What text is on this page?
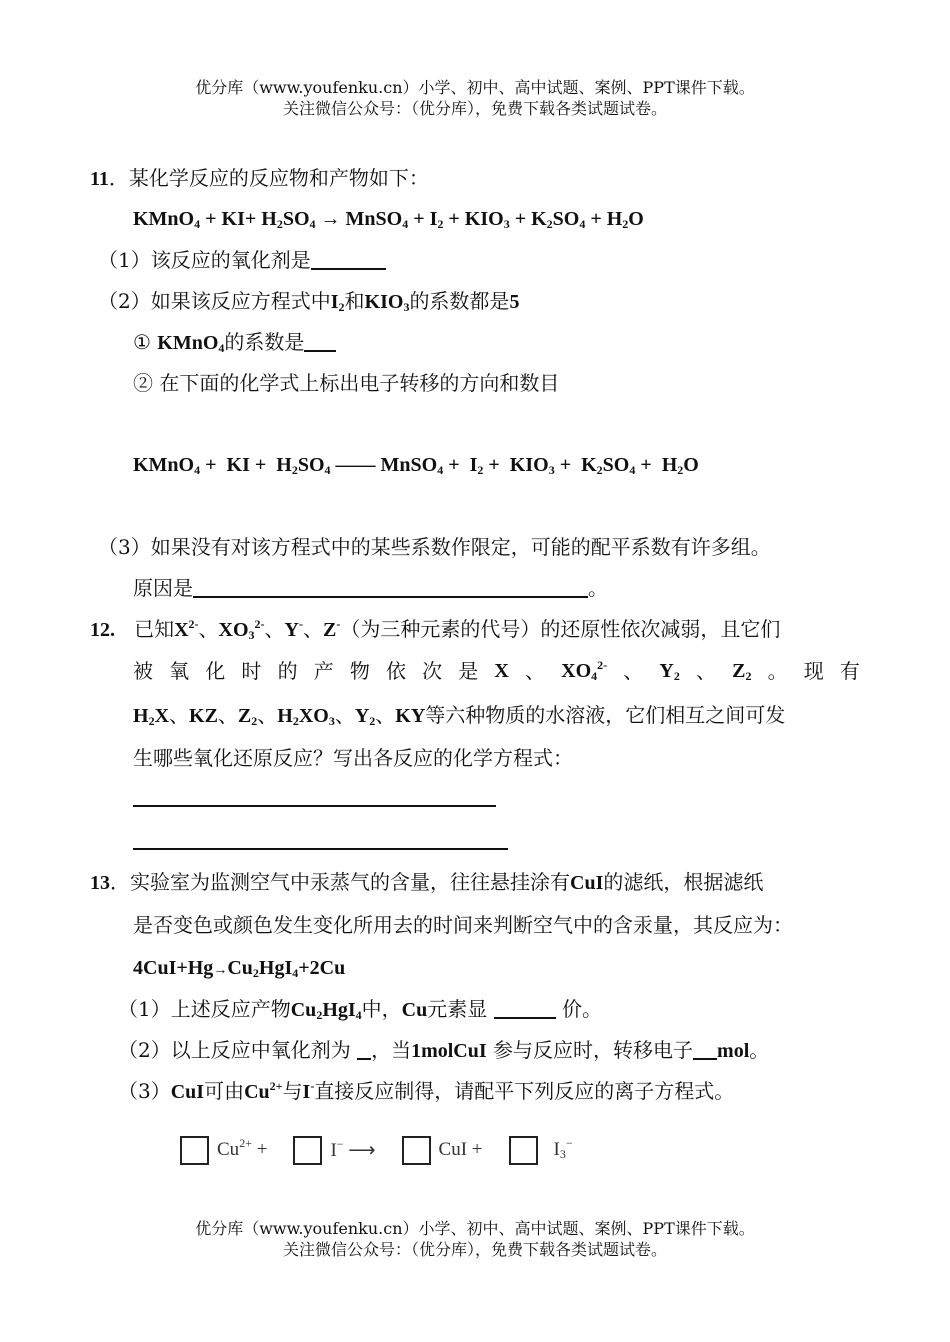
优分库（www.youfenku.cn）小学、初中、高中试题、案例、PPT课件下载。
关注微信公众号：（优分库），免费下载各类试题试卷。
11．某化学反应的反应物和产物如下：
KMnO$_4$ + $KI+ H_2SO_4$ → MnSO$_4$ + $I_2 + KIO_3 + K_2SO_4 + H_2O$
（1）该反应的氧化剂是
（2）如果该反应方程式中$I_2$和$KIO_3$的系数都是5
① KMnO$_4$的系数是
② 在下面的化学式上标出电子转移的方向和数目
KMnO$_4$ +  KI +  $H_2SO_4$ —— MnSO$_4$ +  $I_2 + KIO_3 + K_2SO_4 + H_2O$
（3）如果没有对该方程式中的某些系数作限定，可能的配平系数有许多组。
原因是	。
12. 已知$X^{2-}$、$XO_3^{2-}$、Y-、Z-（为三种元素的代号）的还原性依次减弱，且它们
被 氧 化 时 的 产 物 依 次 是 X 、 $XO_4^{2-}$ 、 $Y_2$ 、 $Z_2$ 。 现 有
$H_2X$、KZ、$Z_2$、$H_2XO_3$、$Y_2$、KY等六种物质的水溶液，它们相互之间可发
生哪些氧化还原反应？写出各反应的化学方程式：
13．实验室为监测空气中汞蒸气的含量，往往悬挂涂有CuI的滤纸，根据滤纸
是否变色或颜色发生变化所用去的时间来判断空气中的含汞量，其反应为：
$4CuI+Hg\to Cu_2HgI_4+2Cu$
（1）上述反应产物$Cu_2HgI_4$中，Cu元素显	价。
（2）以上反应中氧化剂为 ，当1molCuI 参与反应时，转移电子 mol。
（3）CuI可由$Cu^{2+}$与I-直接反应制得，请配平下列反应的离子方程式。
$Cu^{2+}$ +	I− ⟶	CuI +	$I_3^-$
优分库（www.youfenku.cn）小学、初中、高中试题、案例、PPT课件下载。
关注微信公众号：（优分库），免费下载各类试题试卷。
